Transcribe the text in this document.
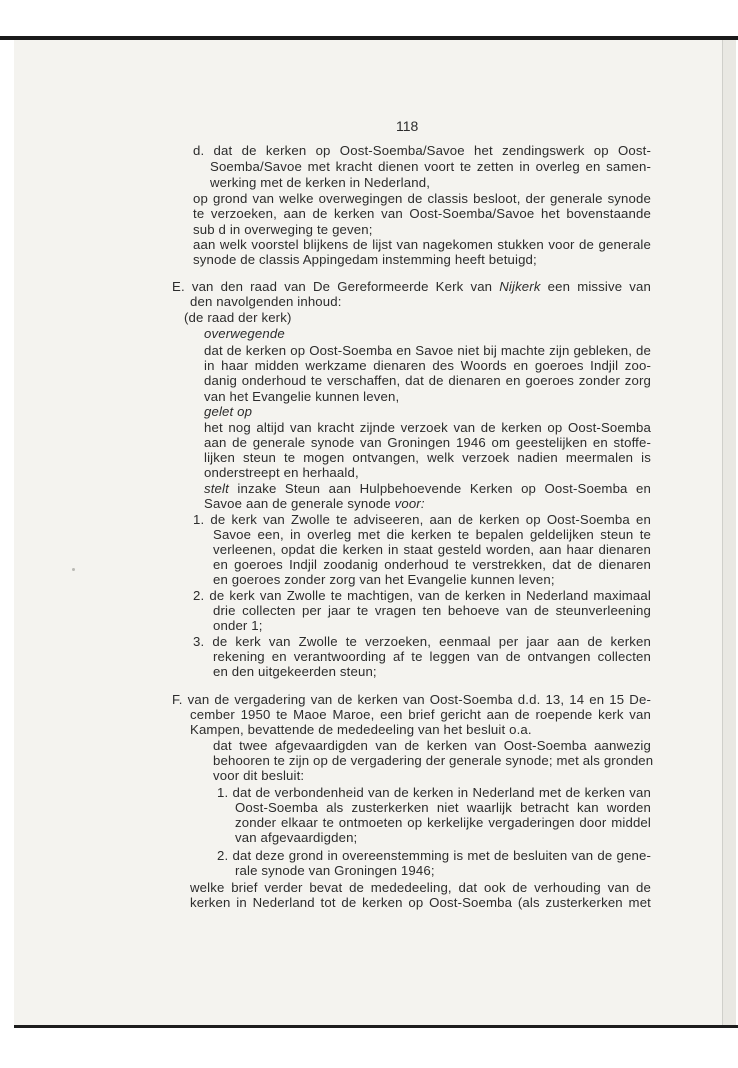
118
d. dat de kerken op Oost-Soemba/Savoe het zendingswerk op Oost-
Soemba/Savoe met kracht dienen voort te zetten in overleg en samen-
werking met de kerken in Nederland,
op grond van welke overwegingen de classis besloot, der generale synode
te verzoeken, aan de kerken van Oost-Soemba/Savoe het bovenstaande
sub d in overweging te geven;
aan welk voorstel blijkens de lijst van nagekomen stukken voor de generale
synode de classis Appingedam instemming heeft betuigd;
E. van den raad van De Gereformeerde Kerk van Nijkerk een missive van
den navolgenden inhoud:
(de raad der kerk)
overwegende
dat de kerken op Oost-Soemba en Savoe niet bij machte zijn gebleken, de
in haar midden werkzame dienaren des Woords en goeroes Indjil zoo-
danig onderhoud te verschaffen, dat de dienaren en goeroes zonder zorg
van het Evangelie kunnen leven,
gelet op
het nog altijd van kracht zijnde verzoek van de kerken op Oost-Soemba
aan de generale synode van Groningen 1946 om geestelijken en stoffe-
lijken steun te mogen ontvangen, welk verzoek nadien meermalen is
onderstreept en herhaald,
stelt inzake Steun aan Hulpbehoevende Kerken op Oost-Soemba en
Savoe aan de generale synode voor:
1. de kerk van Zwolle te adviseeren, aan de kerken op Oost-Soemba en
Savoe een, in overleg met die kerken te bepalen geldelijken steun te
verleenen, opdat die kerken in staat gesteld worden, aan haar dienaren
en goeroes Indjil zoodanig onderhoud te verstrekken, dat de dienaren
en goeroes zonder zorg van het Evangelie kunnen leven;
2. de kerk van Zwolle te machtigen, van de kerken in Nederland maximaal
drie collecten per jaar te vragen ten behoeve van de steunverleening
onder 1;
3. de kerk van Zwolle te verzoeken, eenmaal per jaar aan de kerken
rekening en verantwoording af te leggen van de ontvangen collecten
en den uitgekeerden steun;
F. van de vergadering van de kerken van Oost-Soemba d.d. 13, 14 en 15 De-
cember 1950 te Maoe Maroe, een brief gericht aan de roepende kerk van
Kampen, bevattende de mededeeling van het besluit o.a.
dat twee afgevaardigden van de kerken van Oost-Soemba aanwezig
behooren te zijn op de vergadering der generale synode; met als gronden
voor dit besluit:
1. dat de verbondenheid van de kerken in Nederland met de kerken van
Oost-Soemba als zusterkerken niet waarlijk betracht kan worden
zonder elkaar te ontmoeten op kerkelijke vergaderingen door middel
van afgevaardigden;
2. dat deze grond in overeenstemming is met de besluiten van de gene-
rale synode van Groningen 1946;
welke brief verder bevat de mededeeling, dat ook de verhouding van de
kerken in Nederland tot de kerken op Oost-Soemba (als zusterkerken met
